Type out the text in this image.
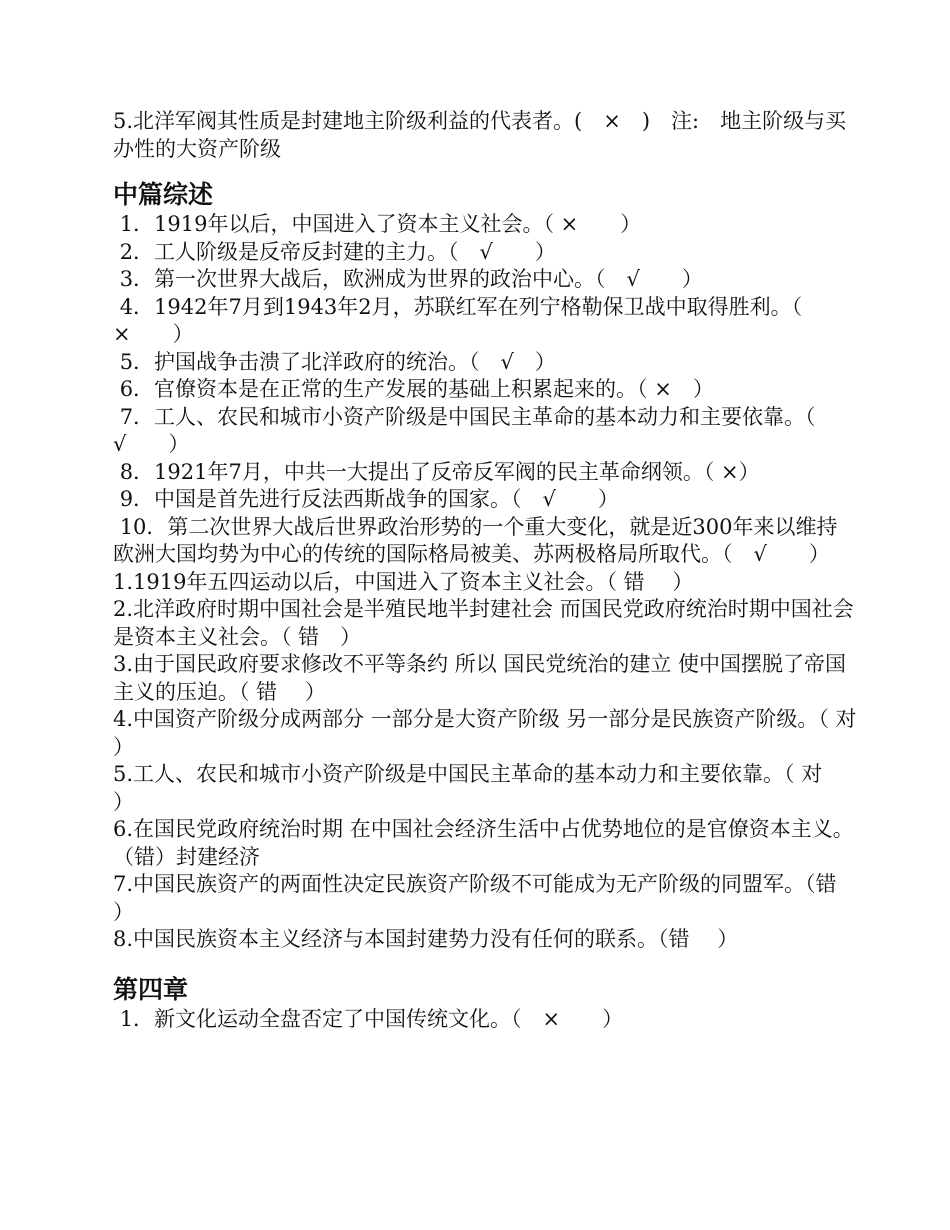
5.北洋军阀其性质是封建地主阶级利益的代表者。(　×　)　注:　地主阶级与买办性的大资产阶级

中篇综述

1．1919年以后，中国进入了资本主义社会。（ ×　　）

2．工人阶级是反帝反封建的主力。（　√　　）

3．第一次世界大战后，欧洲成为世界的政治中心。（　√　　）

4．1942年7月到1943年2月，苏联红军在列宁格勒保卫战中取得胜利。（　×　　）

5．护国战争击溃了北洋政府的统治。（　√　）

6．官僚资本是在正常的生产发展的基础上积累起来的。（ ×　）

7．工人、农民和城市小资产阶级是中国民主革命的基本动力和主要依靠。（　√　　）

8．1921年7月，中共一大提出了反帝反军阀的民主革命纲领。（ ×）

9．中国是首先进行反法西斯战争的国家。（　√　　）

10．第二次世界大战后世界政治形势的一个重大变化，就是近300年来以维持欧洲大国均势为中心的传统的国际格局被美、苏两极格局所取代。（　√　　）

1.1919年五四运动以后，中国进入了资本主义社会。（ 错　 ）

2.北洋政府时期中国社会是半殖民地半封建社会 而国民党政府统治时期中国社会是资本主义社会。（ 错　）

3.由于国民政府要求修改不平等条约 所以 国民党统治的建立 使中国摆脱了帝国主义的压迫。（ 错　 ）

4.中国资产阶级分成两部分 一部分是大资产阶级 另一部分是民族资产阶级。（ 对　 ）

5.工人、农民和城市小资产阶级是中国民主革命的基本动力和主要依靠。（ 对　 ）

6.在国民党政府统治时期 在中国社会经济生活中占优势地位的是官僚资本主义。（错）封建经济

7.中国民族资产的两面性决定民族资产阶级不可能成为无产阶级的同盟军。（错　 ）

8.中国民族资本主义经济与本国封建势力没有任何的联系。（错　 ）

第四章

1．新文化运动全盘否定了中国传统文化。（　×　　）
